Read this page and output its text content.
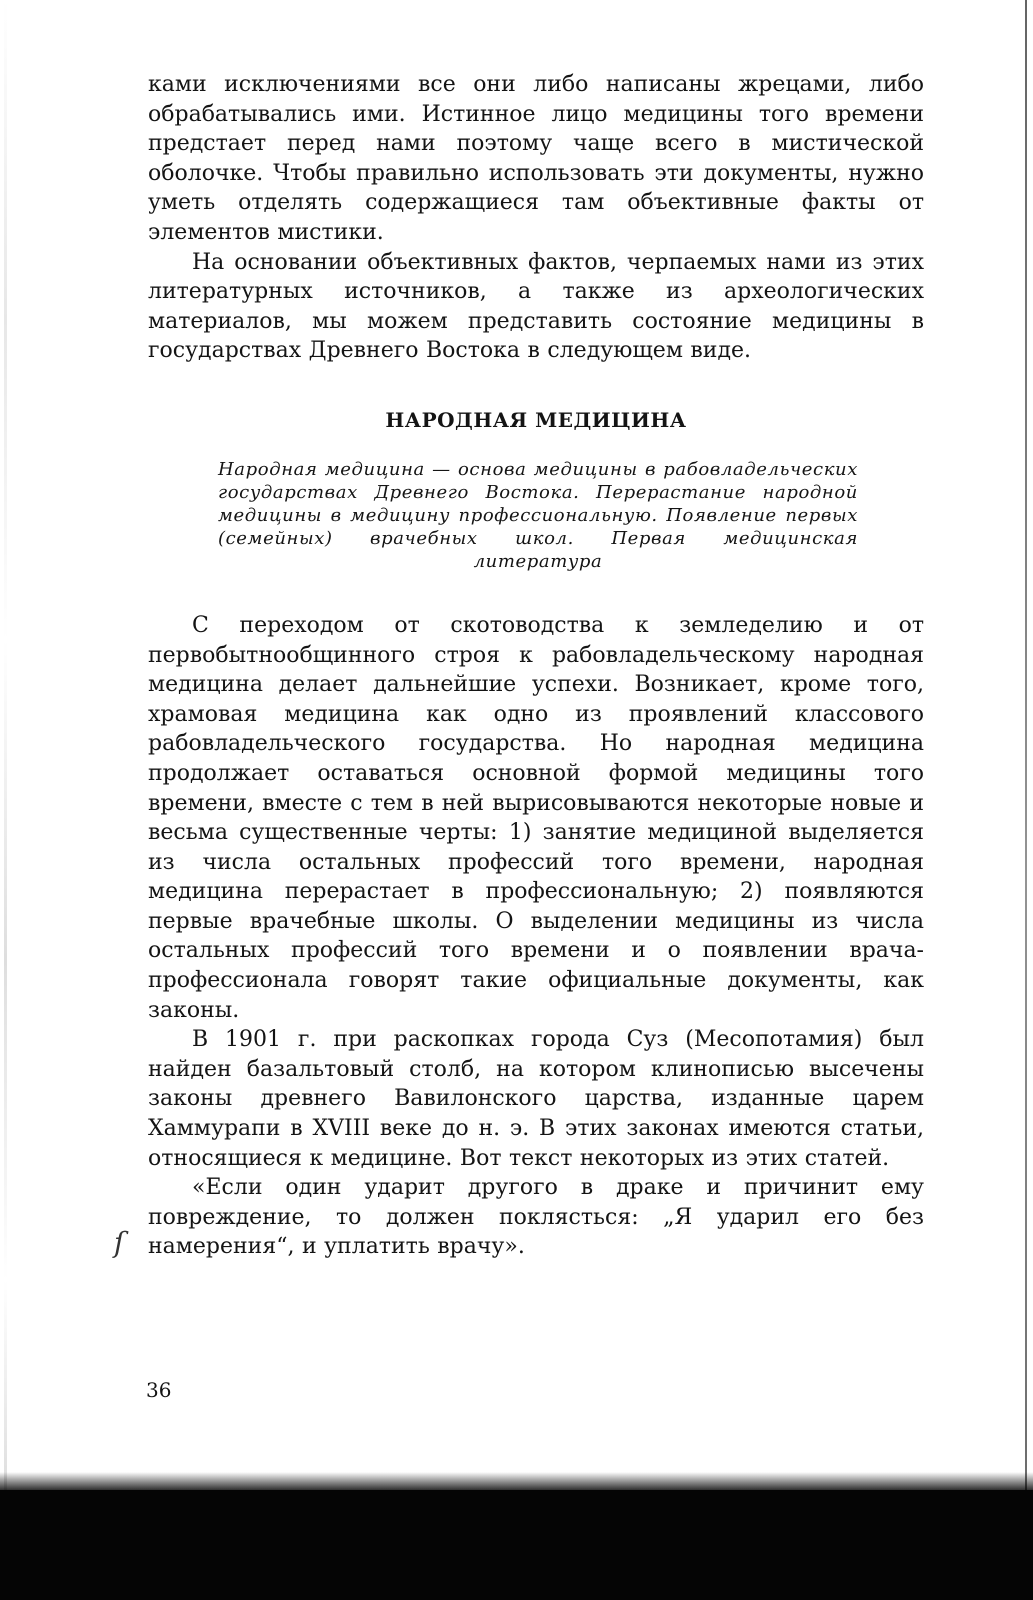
ками исключениями все они либо написаны жрецами, либо обрабатывались ими. Истинное лицо медицины того времени предстает перед нами поэтому чаще всего в мистической оболочке. Чтобы правильно использовать эти документы, нужно уметь отделять содержащиеся там объективные факты от элементов мистики.

На основании объективных фактов, черпаемых нами из этих литературных источников, а также из археологических материалов, мы можем представить состояние медицины в государствах Древнего Востока в следующем виде.

НАРОДНАЯ МЕДИЦИНА

Народная медицина — основа медицины в рабовладельческих государствах Древнего Востока. Перерастание народной медицины в медицину профессиональную. Появление первых (семейных) врачебных школ. Первая медицинская литература

С переходом от скотоводства к земледелию и от первобытнообщинного строя к рабовладельческому народная медицина делает дальнейшие успехи. Возникает, кроме того, храмовая медицина как одно из проявлений классового рабовладельческого государства. Но народная медицина продолжает оставаться основной формой медицины того времени, вместе с тем в ней вырисовываются некоторые новые и весьма существенные черты: 1) занятие медициной выделяется из числа остальных профессий того времени, народная медицина перерастает в профессиональную; 2) появляются первые врачебные школы. О выделении медицины из числа остальных профессий того времени и о появлении врача-профессионала говорят такие официальные документы, как законы.

В 1901 г. при раскопках города Суз (Месопотамия) был найден базальтовый столб, на котором клинописью высечены законы древнего Вавилонского царства, изданные царем Хаммурапи в XVIII веке до н. э. В этих законах имеются статьи, относящиеся к медицине. Вот текст некоторых из этих статей.

«Если один ударит другого в драке и причинит ему повреждение, то должен поклясться: „Я ударил его без намерения“, и уплатить врачу».

ſ
36
